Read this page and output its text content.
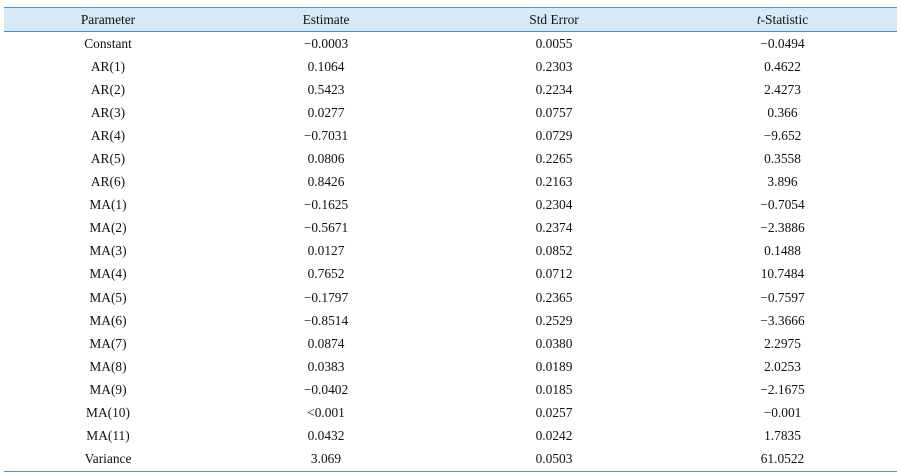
Parameter	Estimate	Std Error	t-Statistic
Constant	−0.0003	0.0055	−0.0494
AR(1)	0.1064	0.2303	0.4622
AR(2)	0.5423	0.2234	2.4273
AR(3)	0.0277	0.0757	0.366
AR(4)	−0.7031	0.0729	−9.652
AR(5)	0.0806	0.2265	0.3558
AR(6)	0.8426	0.2163	3.896
MA(1)	−0.1625	0.2304	−0.7054
MA(2)	−0.5671	0.2374	−2.3886
MA(3)	0.0127	0.0852	0.1488
MA(4)	0.7652	0.0712	10.7484
MA(5)	−0.1797	0.2365	−0.7597
MA(6)	−0.8514	0.2529	−3.3666
MA(7)	0.0874	0.0380	2.2975
MA(8)	0.0383	0.0189	2.0253
MA(9)	−0.0402	0.0185	−2.1675
MA(10)	<0.001	0.0257	−0.001
MA(11)	0.0432	0.0242	1.7835
Variance	3.069	0.0503	61.0522
